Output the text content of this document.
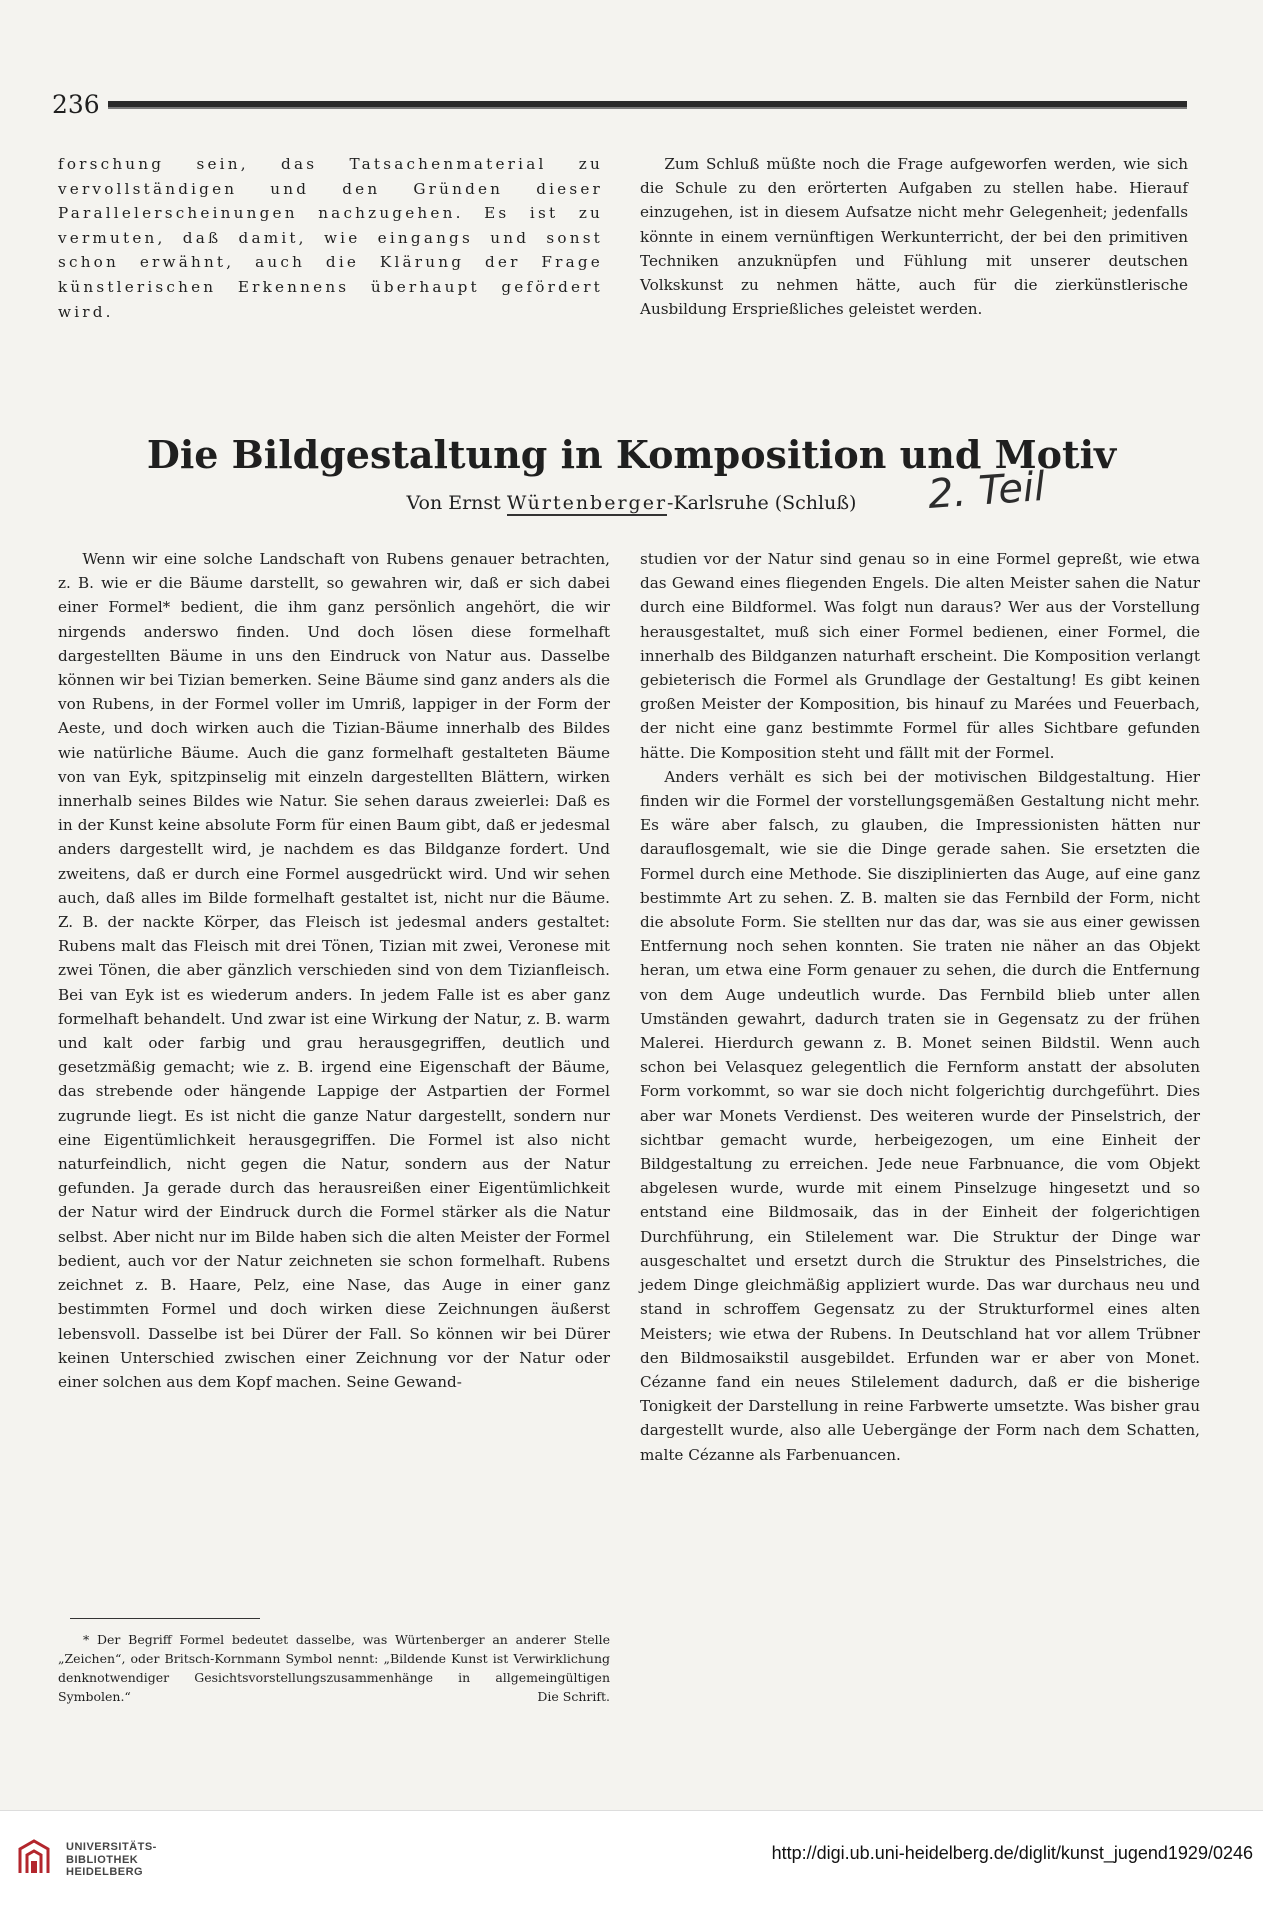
236

forschung sein, das Tatsachenmaterial zu vervollständigen und den Gründen dieser Parallelerscheinungen nachzugehen. Es ist zu vermuten, daß damit, wie eingangs und sonst schon erwähnt, auch die Klärung der Frage künstlerischen Erkennens überhaupt gefördert wird.

Zum Schluß müßte noch die Frage aufgeworfen werden, wie sich die Schule zu den erörterten Aufgaben zu stellen habe. Hierauf einzugehen, ist in diesem Aufsatze nicht mehr Gelegenheit; jedenfalls könnte in einem vernünftigen Werkunterricht, der bei den primitiven Techniken anzuknüpfen und Fühlung mit unserer deutschen Volkskunst zu nehmen hätte, auch für die zierkünstlerische Ausbildung Ersprießliches geleistet werden.

Die Bildgestaltung in Komposition und Motiv
Von Ernst Würtenberger-Karlsruhe (Schluß)	2. Teil

Wenn wir eine solche Landschaft von Rubens genauer betrachten, z. B. wie er die Bäume darstellt, so gewahren wir, daß er sich dabei einer Formel* bedient, die ihm ganz persönlich angehört, die wir nirgends anderswo finden. Und doch lösen diese formelhaft dargestellten Bäume in uns den Eindruck von Natur aus. Dasselbe können wir bei Tizian bemerken. Seine Bäume sind ganz anders als die von Rubens, in der Formel voller im Umriß, lappiger in der Form der Aeste, und doch wirken auch die Tizian-Bäume innerhalb des Bildes wie natürliche Bäume. Auch die ganz formelhaft gestalteten Bäume von van Eyk, spitzpinselig mit einzeln dargestellten Blättern, wirken innerhalb seines Bildes wie Natur. Sie sehen daraus zweierlei: Daß es in der Kunst keine absolute Form für einen Baum gibt, daß er jedesmal anders dargestellt wird, je nachdem es das Bildganze fordert. Und zweitens, daß er durch eine Formel ausgedrückt wird. Und wir sehen auch, daß alles im Bilde formelhaft gestaltet ist, nicht nur die Bäume. Z. B. der nackte Körper, das Fleisch ist jedesmal anders gestaltet: Rubens malt das Fleisch mit drei Tönen, Tizian mit zwei, Veronese mit zwei Tönen, die aber gänzlich verschieden sind von dem Tizianfleisch. Bei van Eyk ist es wiederum anders. In jedem Falle ist es aber ganz formelhaft behandelt. Und zwar ist eine Wirkung der Natur, z. B. warm und kalt oder farbig und grau herausgegriffen, deutlich und gesetzmäßig gemacht; wie z. B. irgend eine Eigenschaft der Bäume, das strebende oder hängende Lappige der Astpartien der Formel zugrunde liegt. Es ist nicht die ganze Natur dargestellt, sondern nur eine Eigentümlichkeit herausgegriffen. Die Formel ist also nicht naturfeindlich, nicht gegen die Natur, sondern aus der Natur gefunden. Ja gerade durch das herausreißen einer Eigentümlichkeit der Natur wird der Eindruck durch die Formel stärker als die Natur selbst. Aber nicht nur im Bilde haben sich die alten Meister der Formel bedient, auch vor der Natur zeichneten sie schon formelhaft. Rubens zeichnet z. B. Haare, Pelz, eine Nase, das Auge in einer ganz bestimmten Formel und doch wirken diese Zeichnungen äußerst lebensvoll. Dasselbe ist bei Dürer der Fall. So können wir bei Dürer keinen Unterschied zwischen einer Zeichnung vor der Natur oder einer solchen aus dem Kopf machen. Seine Gewand-

studien vor der Natur sind genau so in eine Formel gepreßt, wie etwa das Gewand eines fliegenden Engels. Die alten Meister sahen die Natur durch eine Bildformel. Was folgt nun daraus? Wer aus der Vorstellung herausgestaltet, muß sich einer Formel bedienen, einer Formel, die innerhalb des Bildganzen naturhaft erscheint. Die Komposition verlangt gebieterisch die Formel als Grundlage der Gestaltung! Es gibt keinen großen Meister der Komposition, bis hinauf zu Marées und Feuerbach, der nicht eine ganz bestimmte Formel für alles Sichtbare gefunden hätte. Die Komposition steht und fällt mit der Formel.

Anders verhält es sich bei der motivischen Bildgestaltung. Hier finden wir die Formel der vorstellungsgemäßen Gestaltung nicht mehr. Es wäre aber falsch, zu glauben, die Impressionisten hätten nur darauflosgemalt, wie sie die Dinge gerade sahen. Sie ersetzten die Formel durch eine Methode. Sie disziplinierten das Auge, auf eine ganz bestimmte Art zu sehen. Z. B. malten sie das Fernbild der Form, nicht die absolute Form. Sie stellten nur das dar, was sie aus einer gewissen Entfernung noch sehen konnten. Sie traten nie näher an das Objekt heran, um etwa eine Form genauer zu sehen, die durch die Entfernung von dem Auge undeutlich wurde. Das Fernbild blieb unter allen Umständen gewahrt, dadurch traten sie in Gegensatz zu der frühen Malerei. Hierdurch gewann z. B. Monet seinen Bildstil. Wenn auch schon bei Velasquez gelegentlich die Fernform anstatt der absoluten Form vorkommt, so war sie doch nicht folgerichtig durchgeführt. Dies aber war Monets Verdienst. Des weiteren wurde der Pinselstrich, der sichtbar gemacht wurde, herbeigezogen, um eine Einheit der Bildgestaltung zu erreichen. Jede neue Farbnuance, die vom Objekt abgelesen wurde, wurde mit einem Pinselzuge hingesetzt und so entstand eine Bildmosaik, das in der Einheit der folgerichtigen Durchführung, ein Stilelement war. Die Struktur der Dinge war ausgeschaltet und ersetzt durch die Struktur des Pinselstriches, die jedem Dinge gleichmäßig appliziert wurde. Das war durchaus neu und stand in schroffem Gegensatz zu der Strukturformel eines alten Meisters; wie etwa der Rubens. In Deutschland hat vor allem Trübner den Bildmosaikstil ausgebildet. Erfunden war er aber von Monet. Cézanne fand ein neues Stilelement dadurch, daß er die bisherige Tonigkeit der Darstellung in reine Farbwerte umsetzte. Was bisher grau dargestellt wurde, also alle Uebergänge der Form nach dem Schatten, malte Cézanne als Farbenuancen.

* Der Begriff Formel bedeutet dasselbe, was Würtenberger an anderer Stelle „Zeichen“, oder Britsch-Kornmann Symbol nennt: „Bildende Kunst ist Verwirklichung denknotwendiger Gesichtsvorstellungszusammenhänge in allgemeingültigen Symbolen.“	Die Schrift.
UNIVERSITÄTS-
BIBLIOTHEK
HEIDELBERG
http://digi.ub.uni-heidelberg.de/diglit/kunst_jugend1929/0246
